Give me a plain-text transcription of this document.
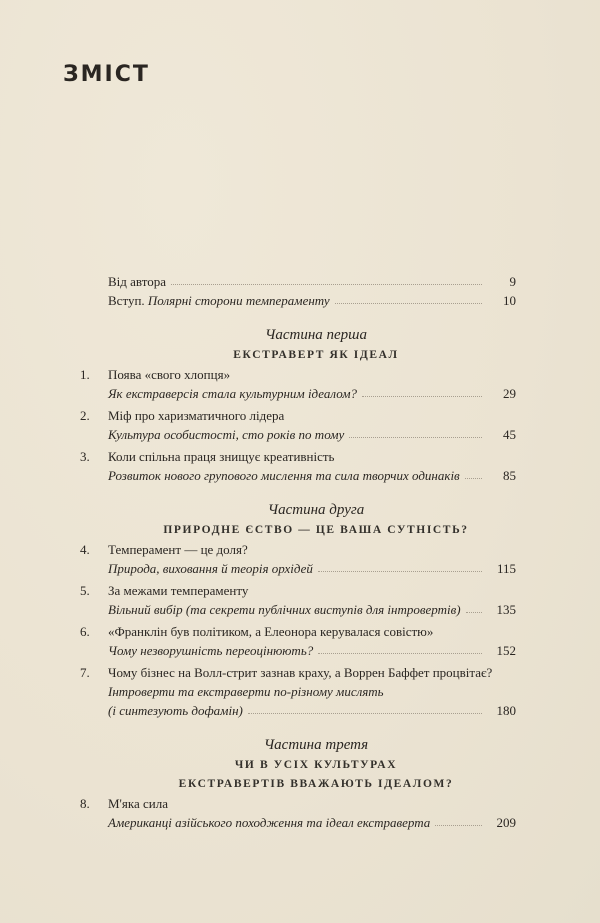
ЗМІСТ
Від автора	9
Вступ.
Полярні сторони темпераменту	10
Частина перша
ЕКСТРАВЕРТ ЯК ІДЕАЛ
1. Поява «свого хлопця»
Як екстраверсія стала культурним ідеалом?	29
2. Міф про харизматичного лідера
Культура особистості, сто років по тому	45
3. Коли спільна праця знищує креативність
Розвиток нового групового мислення та сила творчих одинаків	85
Частина друга
ПРИРОДНЕ ЄСТВО — ЦЕ ВАША СУТНІСТЬ?
4. Темперамент — це доля?
Природа, виховання й теорія орхідей	115
5. За межами темпераменту
Вільний вибір (та секрети публічних виступів для інтровертів)	135
6. «Франклін був політиком, а Елеонора керувалася совістю»
Чому незворушність переоцінюють?	152
7. Чому бізнес на Волл-стрит зазнав краху, а Воррен Баффет процвітає?
Інтроверти та екстраверти по-різному мислять
(і синтезують дофамін)	180
Частина третя
ЧИ В УСІХ КУЛЬТУРАХ
ЕКСТРАВЕРТІВ ВВАЖАЮТЬ ІДЕАЛОМ?
8. М'яка сила
Американці азійського походження та ідеал екстраверта	209
